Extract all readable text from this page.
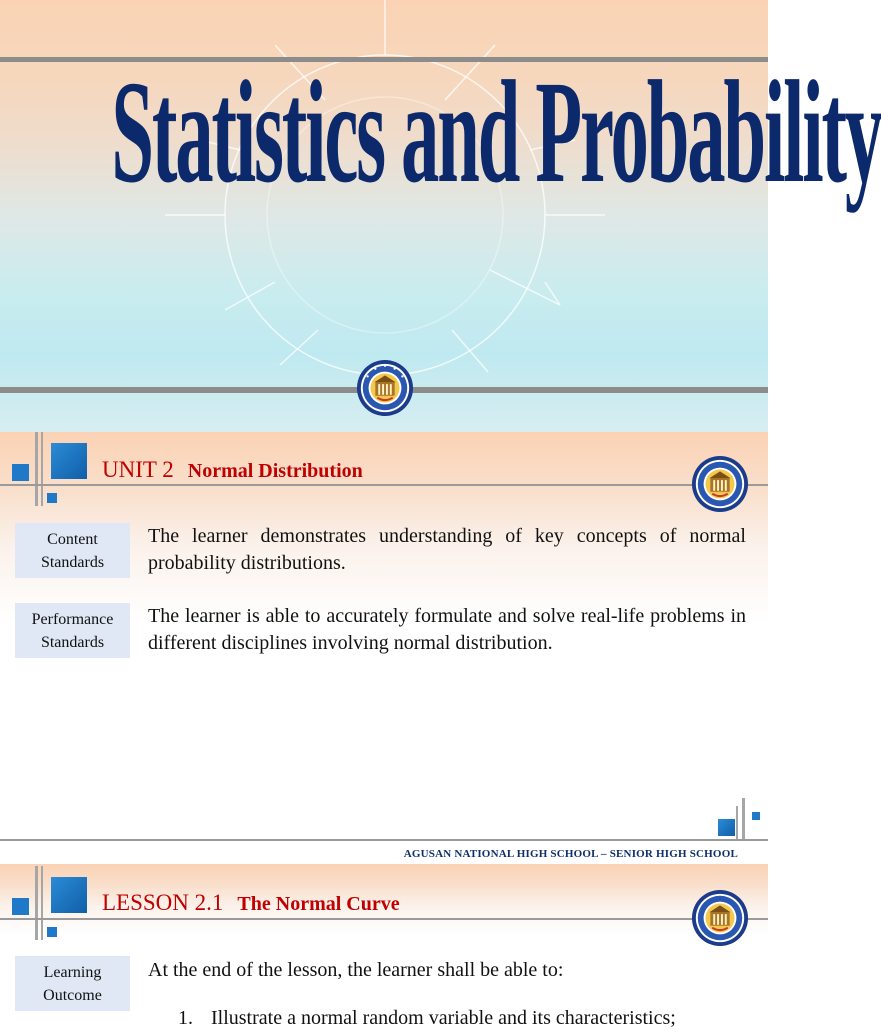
Statistics and Probability
UNIT 2 Normal Distribution
Content Standards
The learner demonstrates understanding of key concepts of normal probability distributions.
Performance Standards
The learner is able to accurately formulate and solve real-life problems in different disciplines involving normal distribution.
AGUSAN NATIONAL HIGH SCHOOL – SENIOR HIGH SCHOOL
LESSON 2.1 The Normal Curve
Learning Outcome
At the end of the lesson, the learner shall be able to:
1. Illustrate a normal random variable and its characteristics;
